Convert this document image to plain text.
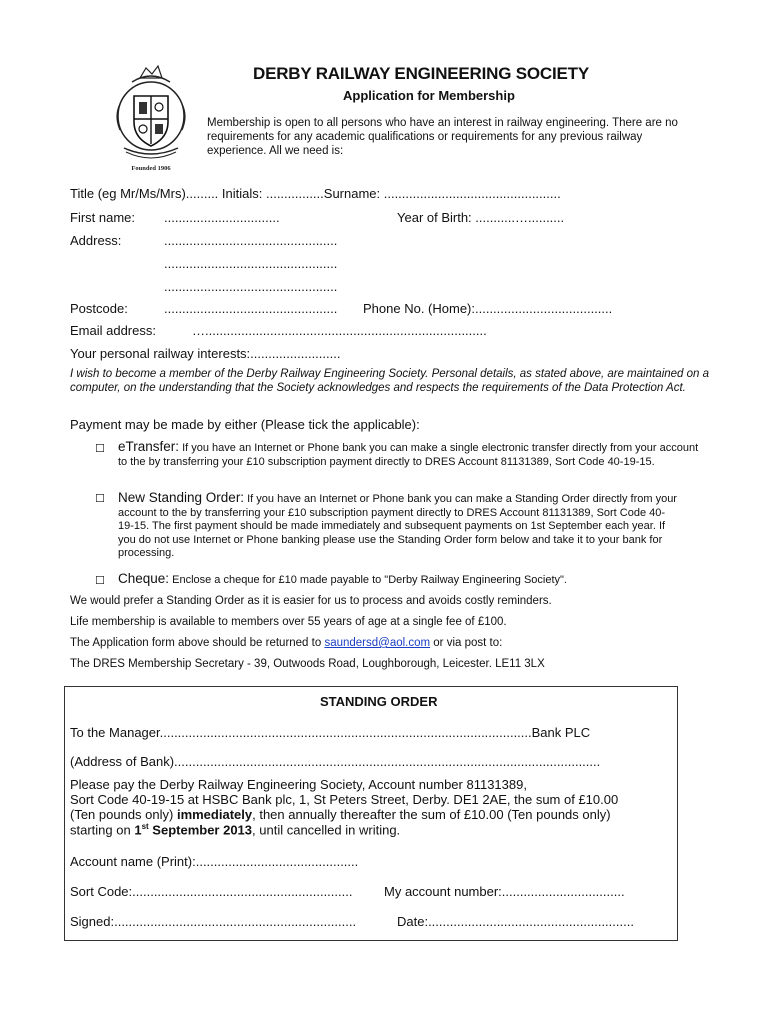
Founded 1906
DERBY RAILWAY ENGINEERING SOCIETY
Application for Membership
Membership is open to all persons who have an interest in railway engineering. There are no requirements for any academic qualifications or requirements for any previous railway experience. All we need is:
Title (eg Mr/Ms/Mrs)......... Initials: ................Surname: .................................................
First name: ................................	Year of Birth: ...........…..........
Address:	................................................
................................................
................................................
Postcode:	................................................ Phone No. (Home):......................................
Email address:	…..............................................................................
Your personal railway interests:.........................
I wish to become a member of the Derby Railway Engineering Society. Personal details, as stated above, are maintained on a computer, on the understanding that the Society acknowledges and respects the requirements of the Data Protection Act.
Payment may be made by either (Please tick the applicable):
☐ eTransfer: If you have an Internet or Phone bank you can make a single electronic transfer directly from your account to the by transferring your £10 subscription payment directly to DRES Account 81131389, Sort Code 40-19-15.
☐ New Standing Order: If you have an Internet or Phone bank you can make a Standing Order directly from your account to the by transferring your £10 subscription payment directly to DRES Account 81131389, Sort Code 40-19-15. The first payment should be made immediately and subsequent payments on 1st September each year. If you do not use Internet or Phone banking please use the Standing Order form below and take it to your bank for processing.
☐ Cheque: Enclose a cheque for £10 made payable to "Derby Railway Engineering Society".
We would prefer a Standing Order as it is easier for us to process and avoids costly reminders.
Life membership is available to members over 55 years of age at a single fee of £100.
The Application form above should be returned to saundersd@aol.com or via post to:
The DRES Membership Secretary - 39, Outwoods Road, Loughborough, Leicester. LE11 3LX
STANDING ORDER
To the Manager.......................................................................................................Bank PLC
(Address of Bank)......................................................................................................................
Please pay the Derby Railway Engineering Society, Account number 81131389,
Sort Code 40-19-15 at HSBC Bank plc, 1, St Peters Street, Derby. DE1 2AE, the sum of £10.00
(Ten pounds only) immediately, then annually thereafter the sum of £10.00 (Ten pounds only)
starting on 1st September 2013, until cancelled in writing.
Account name (Print):.............................................
Sort Code:............................................................. My account number:..................................
Signed:...................................................................	Date:.........................................................
